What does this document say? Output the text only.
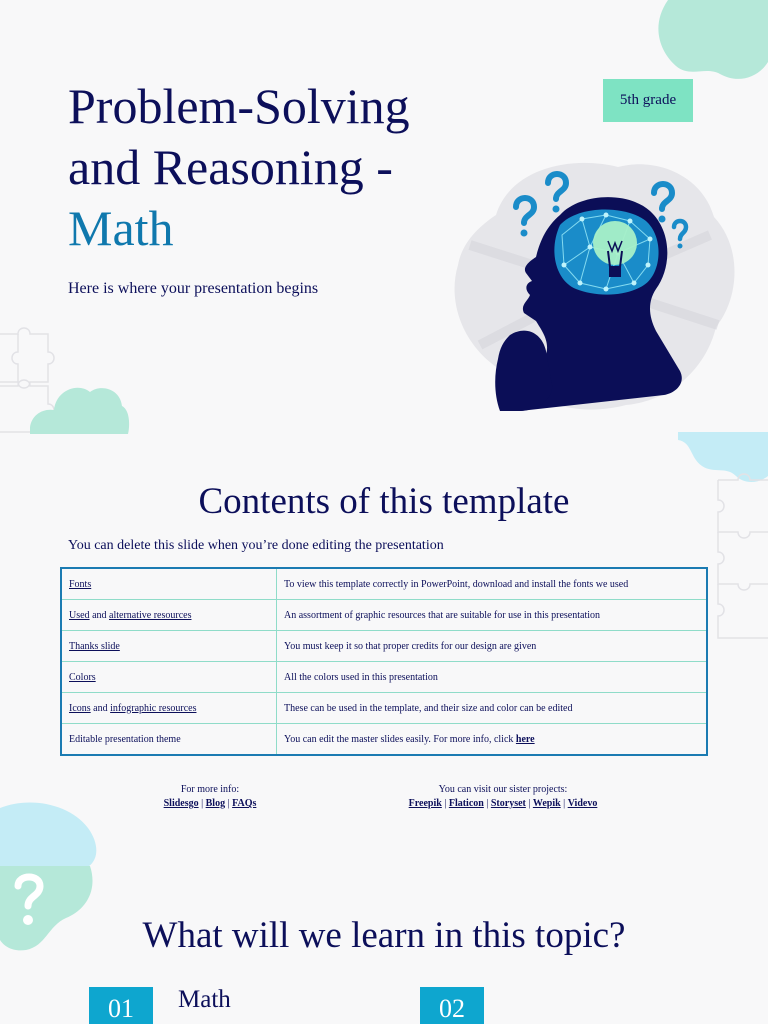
Problem-Solving
and Reasoning -
Math
Here is where your presentation begins
5th grade
Contents of this template
You can delete this slide when you’re done editing the presentation
Fonts	To view this template correctly in PowerPoint, download and install the fonts we used
Used and alternative resources	An assortment of graphic resources that are suitable for use in this presentation
Thanks slide	You must keep it so that proper credits for our design are given
Colors	All the colors used in this presentation
Icons and infographic resources	These can be used in the template, and their size and color can be edited
Editable presentation theme	You can edit the master slides easily. For more info, click here
For more info:
Slidesgo | Blog | FAQs
You can visit our sister projects:
Freepik | Flaticon | Storyset | Wepik | Videvo
What will we learn in this topic?
01	Math	02
